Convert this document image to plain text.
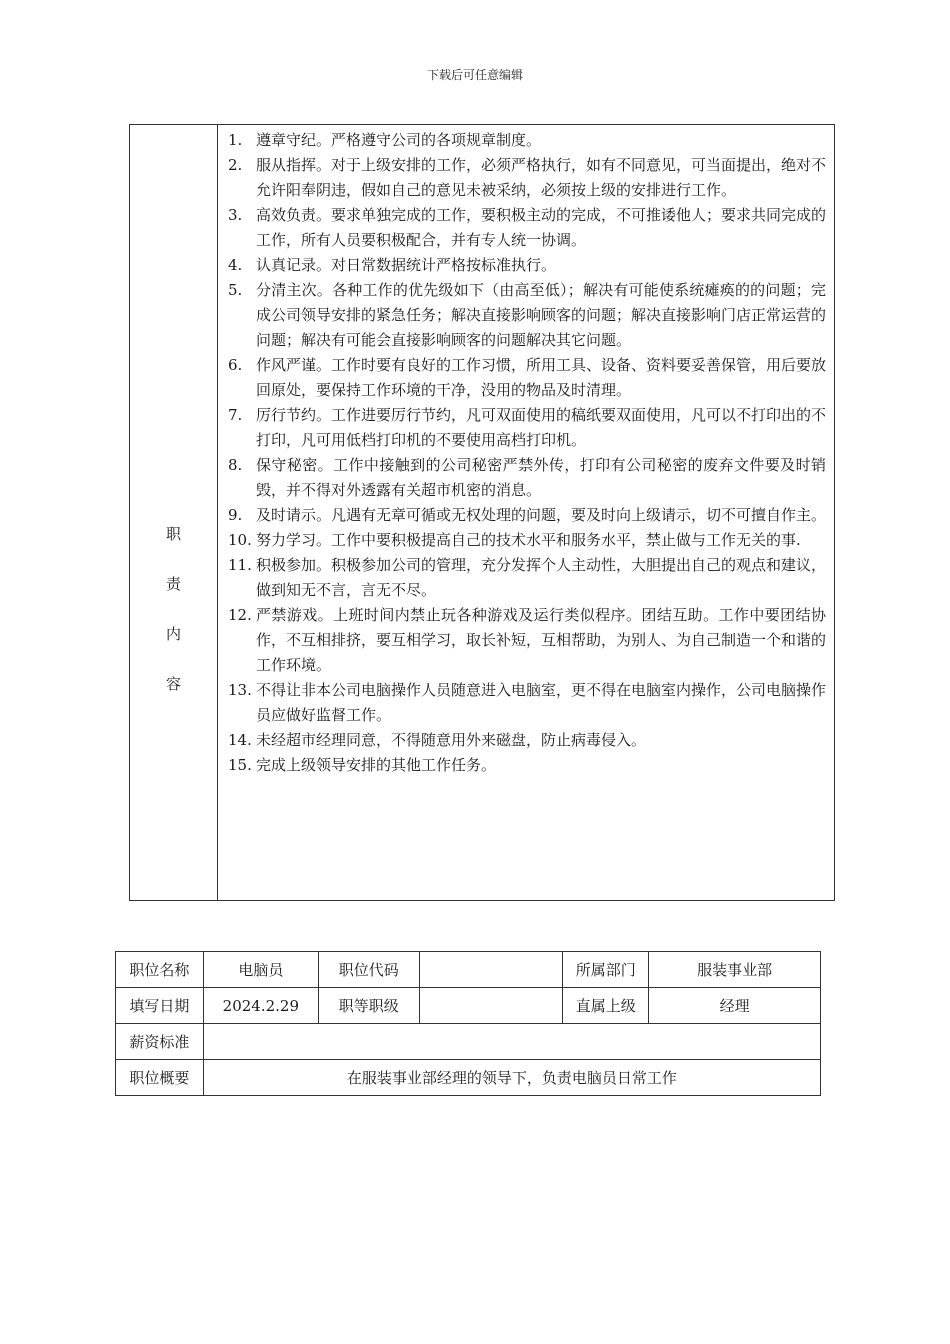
下载后可任意编辑
职
责
内
容
1. 遵章守纪。严格遵守公司的各项规章制度。
2. 服从指挥。对于上级安排的工作，必须严格执行，如有不同意见，可当面提出，绝对不允许阳奉阴违，假如自己的意见未被采纳，必须按上级的安排进行工作。
3. 高效负责。要求单独完成的工作，要积极主动的完成，不可推诿他人；要求共同完成的工作，所有人员要积极配合，并有专人统一协调。
4. 认真记录。对日常数据统计严格按标准执行。
5. 分清主次。各种工作的优先级如下（由高至低）；解决有可能使系统瘫痪的的问题；完成公司领导安排的紧急任务；解决直接影响顾客的问题；解决直接影响门店正常运营的问题；解决有可能会直接影响顾客的问题解决其它问题。
6. 作风严谨。工作时要有良好的工作习惯，所用工具、设备、资料要妥善保管，用后要放回原处，要保持工作环境的干净，没用的物品及时清理。
7. 厉行节约。工作进要厉行节约，凡可双面使用的稿纸要双面使用，凡可以不打印出的不打印，凡可用低档打印机的不要使用高档打印机。
8. 保守秘密。工作中接触到的公司秘密严禁外传，打印有公司秘密的废弃文件要及时销毁，并不得对外透露有关超市机密的消息。
9. 及时请示。凡遇有无章可循或无权处理的问题，要及时向上级请示，切不可擅自作主。
10. 努力学习。工作中要积极提高自己的技术水平和服务水平，禁止做与工作无关的事.
11. 积极参加。积极参加公司的管理，充分发挥个人主动性，大胆提出自己的观点和建议，做到知无不言，言无不尽。
12. 严禁游戏。上班时间内禁止玩各种游戏及运行类似程序。团结互助。工作中要团结协作，不互相排挤，要互相学习，取长补短，互相帮助，为别人、为自己制造一个和谐的工作环境。
13. 不得让非本公司电脑操作人员随意进入电脑室，更不得在电脑室内操作，公司电脑操作员应做好监督工作。
14. 未经超市经理同意，不得随意用外来磁盘，防止病毒侵入。
15. 完成上级领导安排的其他工作任务。
职位名称	电脑员	职位代码		所属部门	服装事业部
填写日期	2024.2.29	职等职级		直属上级	经理
薪资标准					
职位概要	在服装事业部经理的领导下，负责电脑员日常工作				
